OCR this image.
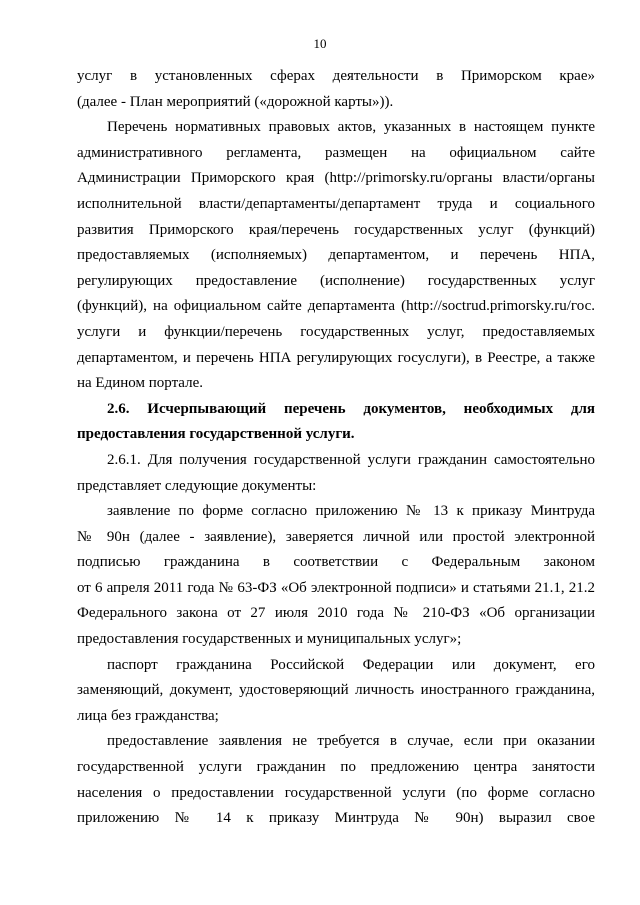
10
услуг в установленных сферах деятельности в Приморском крае»
(далее - План мероприятий («дорожной карты»)).
Перечень нормативных правовых актов, указанных в настоящем пункте
административного регламента, размещен на официальном сайте
Администрации Приморского края (http://primorsky.ru/органы власти/органы
исполнительной власти/департаменты/департамент труда и социального
развития Приморского края/перечень государственных услуг (функций)
предоставляемых (исполняемых) департаментом, и перечень НПА,
регулирующих предоставление (исполнение) государственных услуг
(функций), на официальном сайте департамента (http://soctrud.primorsky.ru/гос.
услуги и функции/перечень государственных услуг, предоставляемых
департаментом, и перечень НПА регулирующих госуслуги), в Реестре, а также
на Едином портале.
2.6. Исчерпывающий перечень документов, необходимых для
предоставления государственной услуги.
2.6.1. Для получения государственной услуги гражданин самостоятельно
представляет следующие документы:
заявление по форме согласно приложению № 13 к приказу Минтруда
№ 90н (далее - заявление), заверяется личной или простой электронной
подписью гражданина в соответствии с Федеральным законом
от 6 апреля 2011 года № 63-ФЗ «Об электронной подписи» и статьями 21.1, 21.2
Федерального закона от 27 июля 2010 года № 210-ФЗ «Об организации
предоставления государственных и муниципальных услуг»;
паспорт гражданина Российской Федерации или документ, его
заменяющий, документ, удостоверяющий личность иностранного гражданина,
лица без гражданства;
предоставление заявления не требуется в случае, если при оказании
государственной услуги гражданин по предложению центра занятости
населения о предоставлении государственной услуги (по форме согласно
приложению № 14 к приказу Минтруда № 90н) выразил свое
